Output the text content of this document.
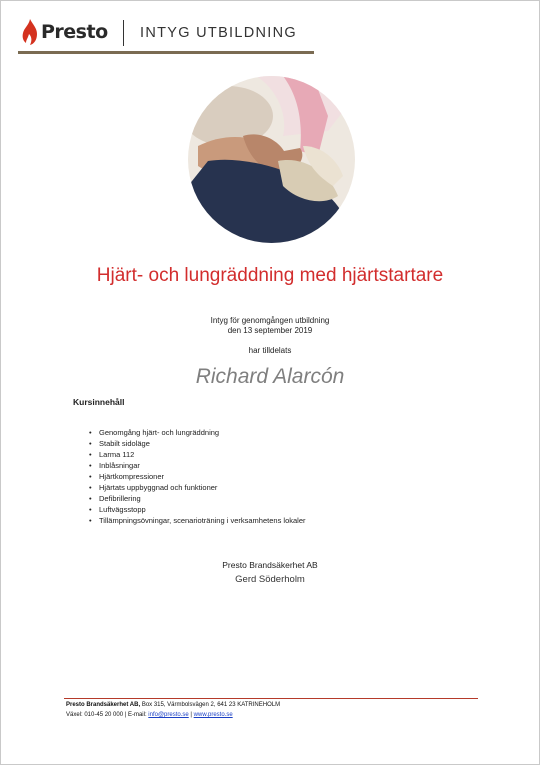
Presto INTYG UTBILDNING
Hjärt- och lungräddning med hjärtstartare
Intyg för genomgången utbildning
den 13 september 2019
har tilldelats
Richard Alarcón
Kursinnehåll
• Genomgång hjärt- och lungräddning
• Stabilt sidoläge
• Larma 112
• Inblåsningar
• Hjärtkompressioner
• Hjärtats uppbyggnad och funktioner
• Defibrillering
• Luftvägsstopp
• Tillämpningsövningar, scenarioträning i verksamhetens lokaler
Presto Brandsäkerhet AB
Gerd Söderholm
Presto Brandsäkerhet AB, Box 315, Värmbolsvägen 2, 641 23 KATRINEHOLM
Växel: 010-45 20 000 | E-mail: info@presto.se | www.presto.se
